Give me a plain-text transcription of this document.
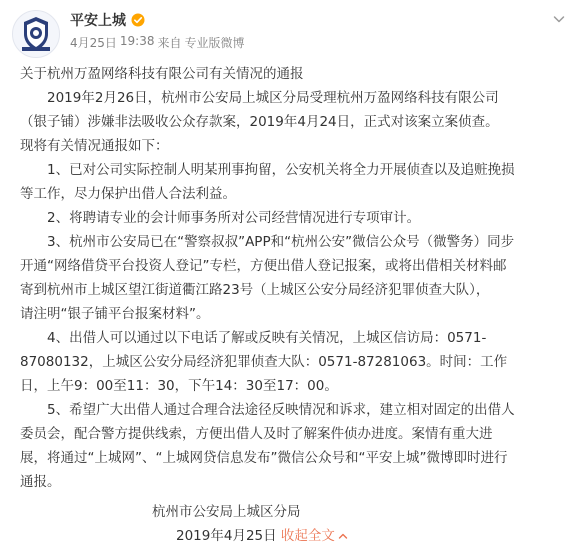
平安上城
4月25日 19:38 来自 专业版微博
关于杭州万盈网络科技有限公司有关情况的通报
　　2019年2月26日，杭州市公安局上城区分局受理杭州万盈网络科技有限公司
（银子铺）涉嫌非法吸收公众存款案，2019年4月24日，正式对该案立案侦查。
现将有关情况通报如下：
　　1、已对公司实际控制人明某刑事拘留，公安机关将全力开展侦查以及追赃挽损
等工作，尽力保护出借人合法利益。
　　2、将聘请专业的会计师事务所对公司经营情况进行专项审计。
　　3、杭州市公安局已在“警察叔叔”APP和“杭州公安”微信公众号（微警务）同步
开通“网络借贷平台投资人登记”专栏，方便出借人登记报案，或将出借相关材料邮
寄到杭州市上城区望江街道衢江路23号（上城区公安分局经济犯罪侦查大队），
请注明“银子铺平台报案材料”。
　　4、出借人可以通过以下电话了解或反映有关情况，上城区信访局：0571-
87080132，上城区公安分局经济犯罪侦查大队：0571-87281063。时间：工作
日，上午9：00至11：30，下午14：30至17：00。
　　5、希望广大出借人通过合理合法途径反映情况和诉求，建立相对固定的出借人
委员会，配合警方提供线索，方便出借人及时了解案件侦办进度。案情有重大进
展，将通过“上城网”、“上城网贷信息发布”微信公众号和“平安上城”微博即时进行
通报。
杭州市公安局上城区分局
2019年4月25日 收起全文
